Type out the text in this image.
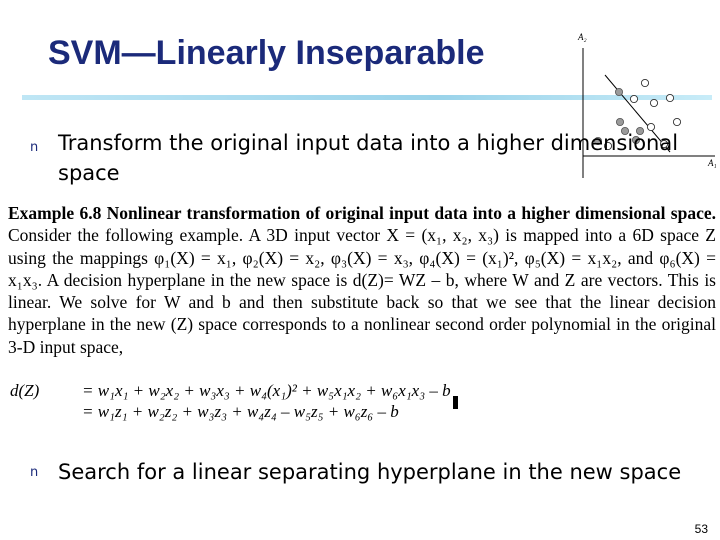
SVM—Linearly Inseparable	A₂
A₁
n Transform the original input data into a higher dimensional
space
Example 6.8 Nonlinear transformation of original input data into a higher dimensional space. Consider the following example. A 3D input vector X = (x₁, x₂, x₃) is mapped into a 6D space Z using the mappings φ₁(X) = x₁, φ₂(X) = x₂, φ₃(X) = x₃, φ₄(X) = (x₁)², φ₅(X) = x₁x₂, and φ₆(X) = x₁x₃. A decision hyperplane in the new space is d(Z)= WZ – b, where W and Z are vectors. This is linear. We solve for W and b and then substitute back so that we see that the linear decision hyperplane in the new (Z) space corresponds to a nonlinear second order polynomial in the original 3-D input space,
d(Z)	= w₁x₁ + w₂x₂ + w₃x₃ + w₄(x₁)² + w₅x₁x₂ + w₆x₁x₃ – b
= w₁z₁ + w₂z₂ + w₃z₃ + w₄z₄ – w₅z₅ + w₆z₆ – b
n Search for a linear separating hyperplane in the new space
53
